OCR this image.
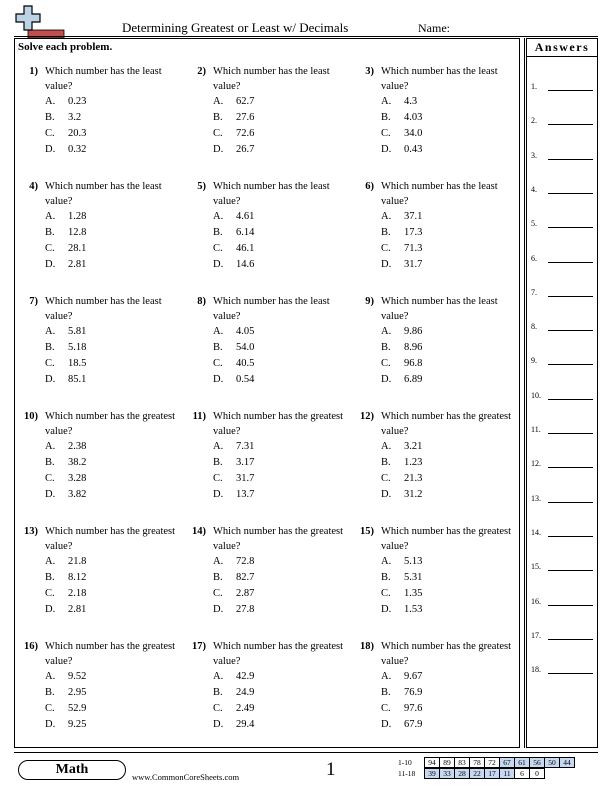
Determining Greatest or Least w/ Decimals	Name:
Solve each problem.
1) Which number has the least value?
A. 0.23
B. 3.2
C. 20.3
D. 0.32
2) Which number has the least value?
A. 62.7
B. 27.6
C. 72.6
D. 26.7
3) Which number has the least value?
A. 4.3
B. 4.03
C. 34.0
D. 0.43
4) Which number has the least value?
A. 1.28
B. 12.8
C. 28.1
D. 2.81
5) Which number has the least value?
A. 4.61
B. 6.14
C. 46.1
D. 14.6
6) Which number has the least value?
A. 37.1
B. 17.3
C. 71.3
D. 31.7
7) Which number has the least value?
A. 5.81
B. 5.18
C. 18.5
D. 85.1
8) Which number has the least value?
A. 4.05
B. 54.0
C. 40.5
D. 0.54
9) Which number has the least value?
A. 9.86
B. 8.96
C. 96.8
D. 6.89
10) Which number has the greatest value?
A. 2.38
B. 38.2
C. 3.28
D. 3.82
11) Which number has the greatest value?
A. 7.31
B. 3.17
C. 31.7
D. 13.7
12) Which number has the greatest value?
A. 3.21
B. 1.23
C. 21.3
D. 31.2
13) Which number has the greatest value?
A. 21.8
B. 8.12
C. 2.18
D. 2.81
14) Which number has the greatest value?
A. 72.8
B. 82.7
C. 2.87
D. 27.8
15) Which number has the greatest value?
A. 5.13
B. 5.31
C. 1.35
D. 1.53
16) Which number has the greatest value?
A. 9.52
B. 2.95
C. 52.9
D. 9.25
17) Which number has the greatest value?
A. 42.9
B. 24.9
C. 2.49
D. 29.4
18) Which number has the greatest value?
A. 9.67
B. 76.9
C. 97.6
D. 67.9
Answers
1.
2.
3.
4.
5.
6.
7.
8.
9.
10.
11.
12.
13.
14.
15.
16.
17.
18.
Math	www.CommonCoreSheets.com	1	1-10	94	89	83	78	72	67	61	56	50	44
11-18	39	33	28	22	17	11	6	0
